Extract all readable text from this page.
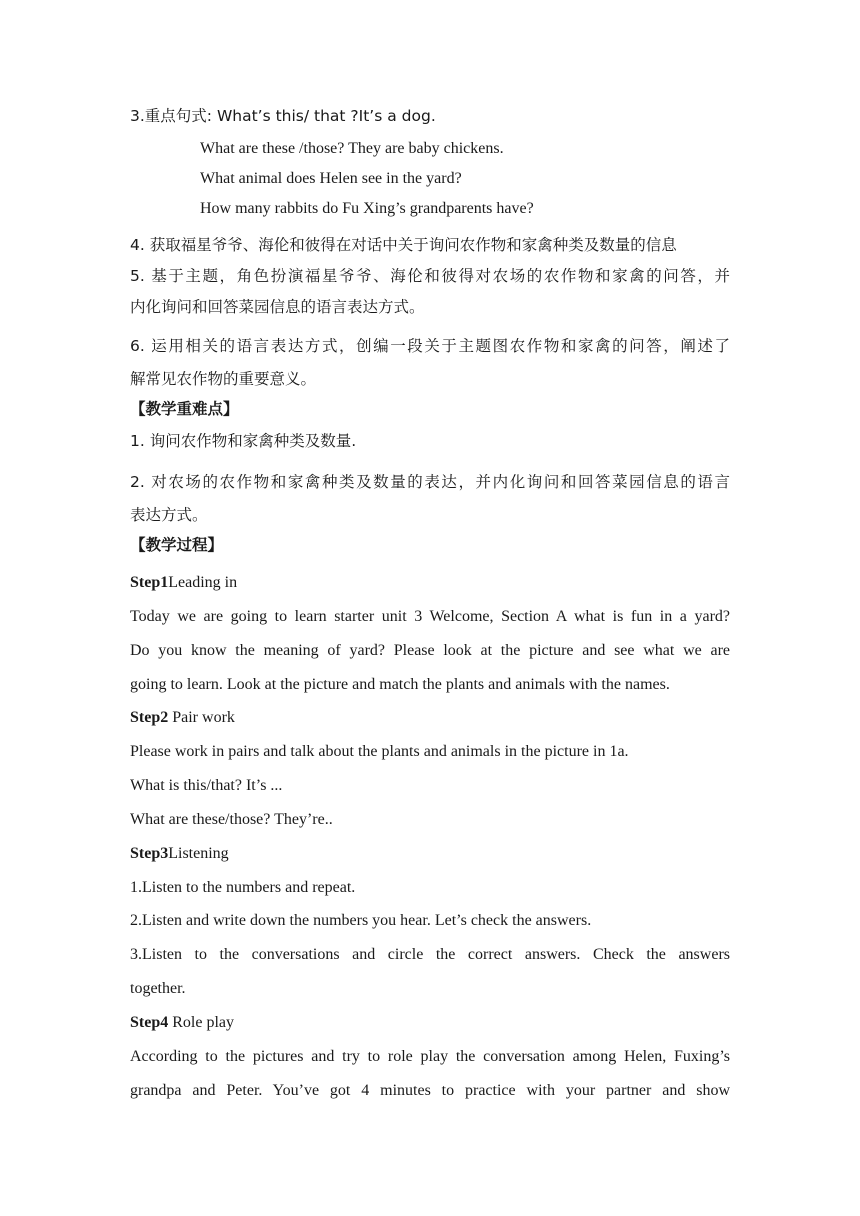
3.重点句式: What’s this/ that ?It’s a dog.
What are these /those? They are baby chickens.
What animal does Helen see in the yard?
How many rabbits do Fu Xing’s grandparents have?
4. 获取福星爷爷、海伦和彼得在对话中关于询问农作物和家禽种类及数量的信息
5. 基于主题，角色扮演福星爷爷、海伦和彼得对农场的农作物和家禽的问答，并
内化询问和回答菜园信息的语言表达方式。
6. 运用相关的语言表达方式，创编一段关于主题图农作物和家禽的问答，阐述了
解常见农作物的重要意义。
【教学重难点】
1. 询问农作物和家禽种类及数量.
2. 对农场的农作物和家禽种类及数量的表达，并内化询问和回答菜园信息的语言
表达方式。
【教学过程】
Step1Leading in
Today we are going to learn starter unit 3 Welcome, Section A what is fun in a yard?
Do you know the meaning of yard? Please look at the picture and see what we are
going to learn. Look at the picture and match the plants and animals with the names.
Step2 Pair work
Please work in pairs and talk about the plants and animals in the picture in 1a.
What is this/that? It’s ...
What are these/those? They’re..
Step3Listening
1.Listen to the numbers and repeat.
2.Listen and write down the numbers you hear. Let’s check the answers.
3.Listen to the conversations and circle the correct answers. Check the answers
together.
Step4 Role play
According to the pictures and try to role play the conversation among Helen, Fuxing’s
grandpa and Peter. You’ve got 4 minutes to practice with your partner and show
